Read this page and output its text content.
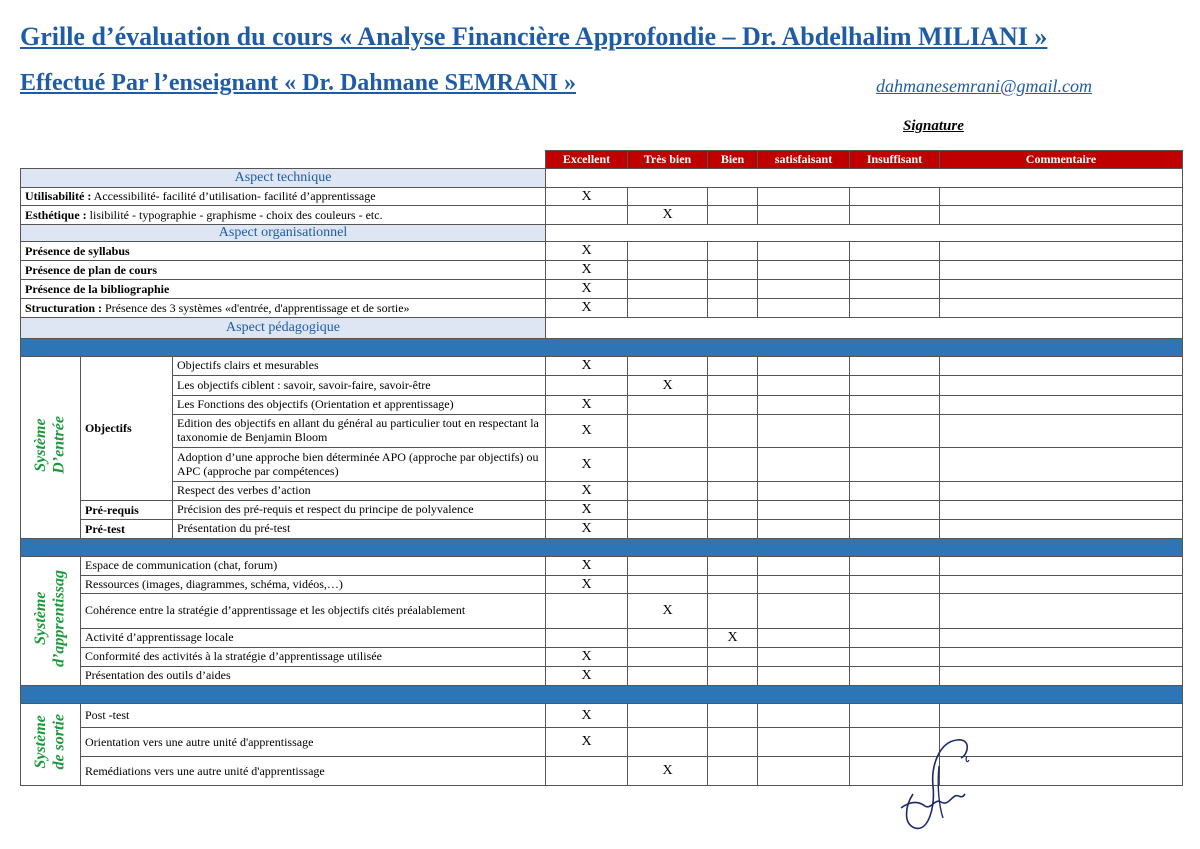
Grille d’évaluation du cours « Analyse Financière Approfondie – Dr. Abdelhalim MILIANI »
Effectué Par l’enseignant « Dr. Dahmane SEMRANI »	dahmanesemrani@gmail.com
Signature
			Excellent	Très bien	Bien	satisfaisant	Insuffisant	Commentaire
Aspect technique								
Utilisabilité : Accessibilité- facilité d’utilisation- facilité d’apprentissage			X					
Esthétique : lisibilité - typographie - graphisme - choix des couleurs - etc.				X				
Aspect organisationnel								
Présence de syllabus			X					
Présence de plan de cours			X					
Présence de la bibliographie			X					
Structuration : Présence des 3 systèmes «d'entrée, d'apprentissage et de sortie»			X					
Aspect pédagogique								

Système
D’entrée	Objectifs	Objectifs clairs et mesurables	X					
		Les objectifs ciblent : savoir, savoir-faire, savoir-être		X				
		Les Fonctions des objectifs (Orientation et apprentissage)	X					
		Edition des objectifs en allant du général au particulier tout en respectant la taxonomie de Benjamin Bloom	X					
		Adoption d’une approche bien déterminée APO (approche par objectifs) ou APC (approche par compétences)	X					
		Respect des verbes d’action	X					
	Pré-requis	Précision des pré-requis et respect du principe de polyvalence	X					
	Pré-test	Présentation du pré-test	X					

Système
d’apprentissag	Espace de communication (chat, forum)		X					
	Ressources (images, diagrammes, schéma, vidéos,…)		X					
	Cohérence entre la stratégie d’apprentissage et les objectifs cités préalablement			X				
	Activité d’apprentissage locale				X			
	Conformité des activités à la stratégie d’apprentissage utilisée		X					
	Présentation des outils d’aides		X					

Système
de sortie	Post -test		X					
	Orientation vers une autre unité d'apprentissage		X					
	Remédiations vers une autre unité d'apprentissage			X				
